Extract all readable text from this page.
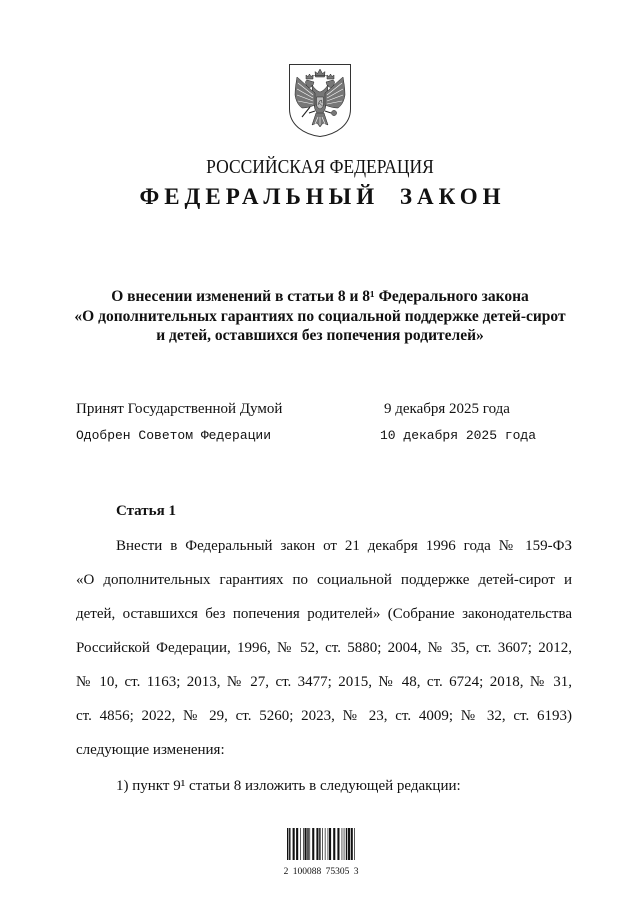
РОССИЙСКАЯ ФЕДЕРАЦИЯ
ФЕДЕРАЛЬНЫЙ ЗАКОН
О внесении изменений в статьи 8 и 8¹ Федерального закона
«О дополнительных гарантиях по социальной поддержке детей-сирот
и детей, оставшихся без попечения родителей»
Принят Государственной Думой	9 декабря 2025 года
Одобрен Советом Федерации	10 декабря 2025 года
Статья 1
Внести в Федеральный закон от 21 декабря 1996 года № 159-ФЗ
«О дополнительных гарантиях по социальной поддержке детей-сирот и
детей, оставшихся без попечения родителей» (Собрание законодательства
Российской Федерации, 1996, № 52, ст. 5880; 2004, № 35, ст. 3607; 2012,
№ 10, ст. 1163; 2013, № 27, ст. 3477; 2015, № 48, ст. 6724; 2018, № 31,
ст. 4856; 2022, № 29, ст. 5260; 2023, № 23, ст. 4009; № 32, ст. 6193)
следующие изменения:
1) пункт 9¹ статьи 8 изложить в следующей редакции:
2 100088 75305 3
